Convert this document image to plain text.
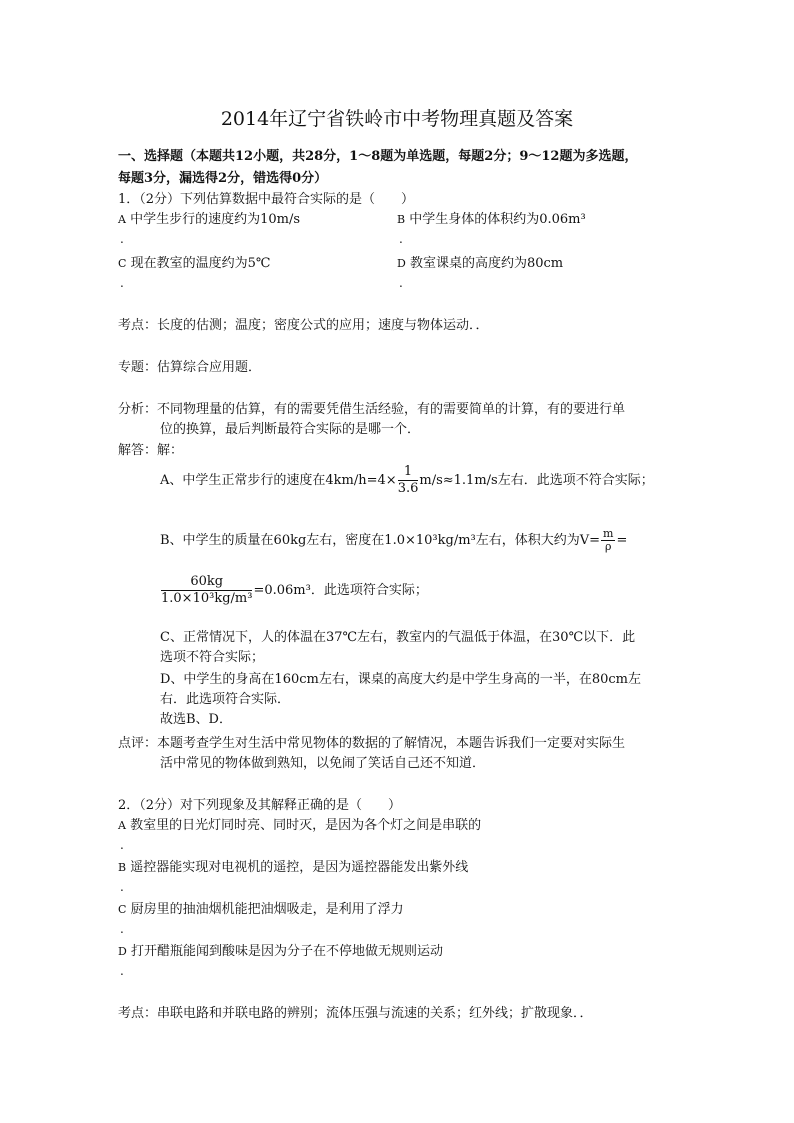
2014年辽宁省铁岭市中考物理真题及答案
一、选择题（本题共12小题，共28分，1～8题为单选题，每题2分；9～12题为多选题，
每题3分，漏选得2分，错选得0分）
1．（2分）下列估算数据中最符合实际的是（　　）
A 中学生步行的速度约为10m/s
.
B 中学生身体的体积约为0.06m³
.
C 现在教室的温度约为5℃
.
D 教室课桌的高度约为80cm
.
考点：长度的估测；温度；密度公式的应用；速度与物体运动．．
专题：估算综合应用题．
分析：不同物理量的估算，有的需要凭借生活经验，有的需要简单的计算，有的要进行单
位的换算，最后判断最符合实际的是哪一个．
解答：解：
A、中学生正常步行的速度在$4km/h=4\times \frac{1}{3.6} m/s\approx 1.1m/s$左右．此选项不符合实际；
B、中学生的质量在60kg左右，密度在1.0×10³kg/m³左右，体积大约为$V= \frac{m}{\rho}$ =
$\frac{60kg}{\text{1.0×10³kg/m³}} =0.06m^3$．此选项符合实际；
C、正常情况下，人的体温在37℃左右，教室内的气温低于体温，在30℃以下．此
选项不符合实际；
D、中学生的身高在160cm左右，课桌的高度大约是中学生身高的一半，在80cm左
右．此选项符合实际．
故选B、D．
点评：本题考查学生对生活中常见物体的数据的了解情况，本题告诉我们一定要对实际生
活中常见的物体做到熟知，以免闹了笑话自己还不知道．
2．（2分）对下列现象及其解释正确的是（　　）
A 教室里的日光灯同时亮、同时灭，是因为各个灯之间是串联的
.
B 遥控器能实现对电视机的遥控，是因为遥控器能发出紫外线
.
C 厨房里的抽油烟机能把油烟吸走，是利用了浮力
.
D 打开醋瓶能闻到酸味是因为分子在不停地做无规则运动
.
考点：串联电路和并联电路的辨别；流体压强与流速的关系；红外线；扩散现象．．
